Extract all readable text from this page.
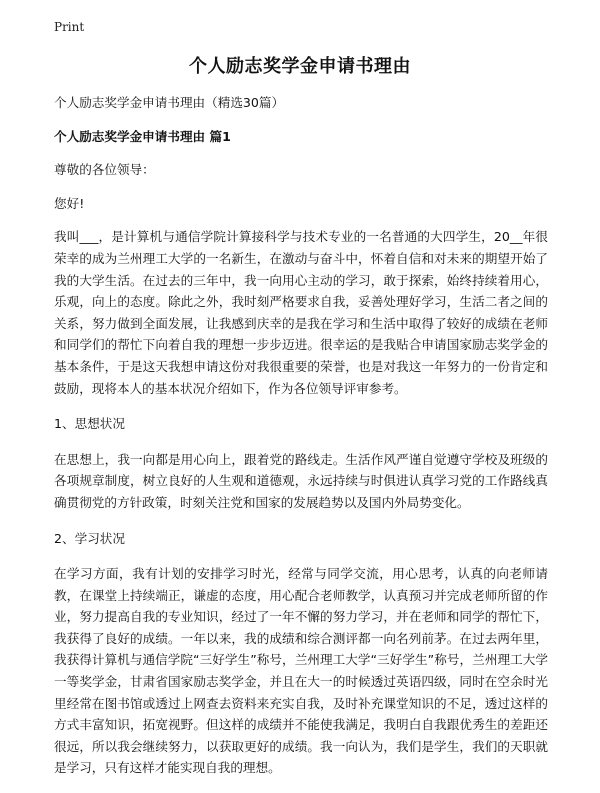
Print
个人励志奖学金申请书理由

个人励志奖学金申请书理由（精选30篇）

个人励志奖学金申请书理由 篇1

尊敬的各位领导：

您好!

我叫___，是计算机与通信学院计算接科学与技术专业的一名普通的大四学生，20__年很荣幸的成为兰州理工大学的一名新生，在激动与奋斗中，怀着自信和对未来的期望开始了我的大学生活。在过去的三年中，我一向用心主动的学习，敢于探索，始终持续着用心，乐观，向上的态度。除此之外，我时刻严格要求自我，妥善处理好学习，生活二者之间的关系，努力做到全面发展，让我感到庆幸的是我在学习和生活中取得了较好的成绩在老师和同学们的帮忙下向着自我的理想一步步迈进。很幸运的是我贴合申请国家励志奖学金的基本条件，于是这天我想申请这份对我很重要的荣誉，也是对我这一年努力的一份肯定和鼓励，现将本人的基本状况介绍如下，作为各位领导评审参考。

1、思想状况

在思想上，我一向都是用心向上，跟着党的路线走。生活作风严谨自觉遵守学校及班级的各项规章制度，树立良好的人生观和道德观，永远持续与时俱进认真学习党的工作路线真确贯彻党的方针政策，时刻关注党和国家的发展趋势以及国内外局势变化。

2、学习状况

在学习方面，我有计划的安排学习时光，经常与同学交流，用心思考，认真的向老师请教，在课堂上持续端正，谦虚的态度，用心配合老师教学，认真预习并完成老师所留的作业，努力提高自我的专业知识，经过了一年不懈的努力学习，并在老师和同学的帮忙下，我获得了良好的成绩。一年以来，我的成绩和综合测评都一向名列前茅。在过去两年里，我获得计算机与通信学院“三好学生”称号，兰州理工大学“三好学生”称号，兰州理工大学一等奖学金，甘肃省国家励志奖学金，并且在大一的时候透过英语四级，同时在空余时光里经常在图书馆或透过上网查去资料来充实自我，及时补充课堂知识的不足，透过这样的方式丰富知识，拓宽视野。但这样的成绩并不能使我满足，我明白自我跟优秀生的差距还很远，所以我会继续努力，以获取更好的成绩。我一向认为，我们是学生，我们的天职就是学习，只有这样才能实现自我的理想。
